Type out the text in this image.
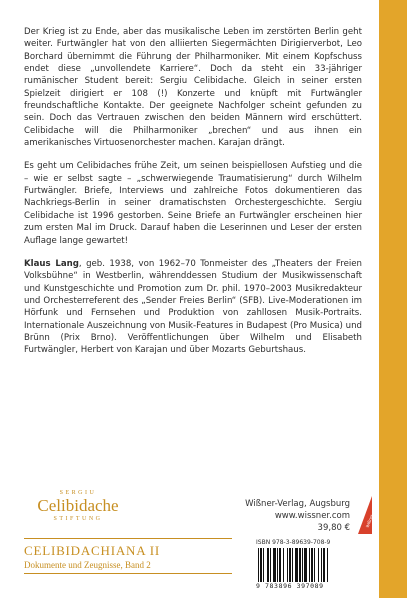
Der Krieg ist zu Ende, aber das musikalische Leben im zerstörten Berlin geht weiter. Furtwängler hat von den alliierten Siegermächten Dirigierverbot, Leo Borchard übernimmt die Führung der Philharmoniker. Mit einem Kopfschuss endet diese „unvollendete Karriere“. Doch da steht ein 33-jähriger rumänischer Student bereit: Sergiu Celibidache. Gleich in seiner ersten Spielzeit dirigiert er 108 (!) Konzerte und knüpft mit Furtwängler freundschaftliche Kontakte. Der geeignete Nachfolger scheint gefunden zu sein. Doch das Vertrauen zwischen den beiden Männern wird erschüttert. Celibidache will die Philharmoniker „brechen“ und aus ihnen ein amerikanisches Virtuosenorchester machen. Karajan drängt.

Es geht um Celibidaches frühe Zeit, um seinen beispiellosen Aufstieg und die – wie er selbst sagte – „schwerwiegende Traumatisierung“ durch Wilhelm Furtwängler. Briefe, Interviews und zahlreiche Fotos dokumentieren das Nachkriegs-Berlin in seiner dramatischsten Orchestergeschichte. Sergiu Celibidache ist 1996 gestorben. Seine Briefe an Furtwängler erscheinen hier zum ersten Mal im Druck. Darauf haben die Leserinnen und Leser der ersten Auflage lange gewartet!

Klaus Lang, geb. 1938, von 1962–70 Tonmeister des „Theaters der Freien Volksbühne“ in Westberlin, währenddessen Studium der Musikwissenschaft und Kunstgeschichte und Promotion zum Dr. phil. 1970–2003 Musikredakteur und Orchesterreferent des „Sender Freies Berlin“ (SFB). Live-Moderationen im Hörfunk und Fernsehen und Produktion von zahllosen Musik-Portraits. Internationale Auszeichnung von Musik-Features in Budapest (Pro Musica) und Brünn (Prix Brno). Veröffentlichungen über Wilhelm und Elisabeth Furtwängler, Herbert von Karajan und über Mozarts Geburtshaus.

SERGIU
Celibidache
STIFTUNG
Wißner-Verlag, Augsburg
www.wissner.com
39,80 €	Wißner
CELIBIDACHIANA II
Dokumente und Zeugnisse, Band 2
ISBN 978-3-89639-708-9
9 783896 397089
